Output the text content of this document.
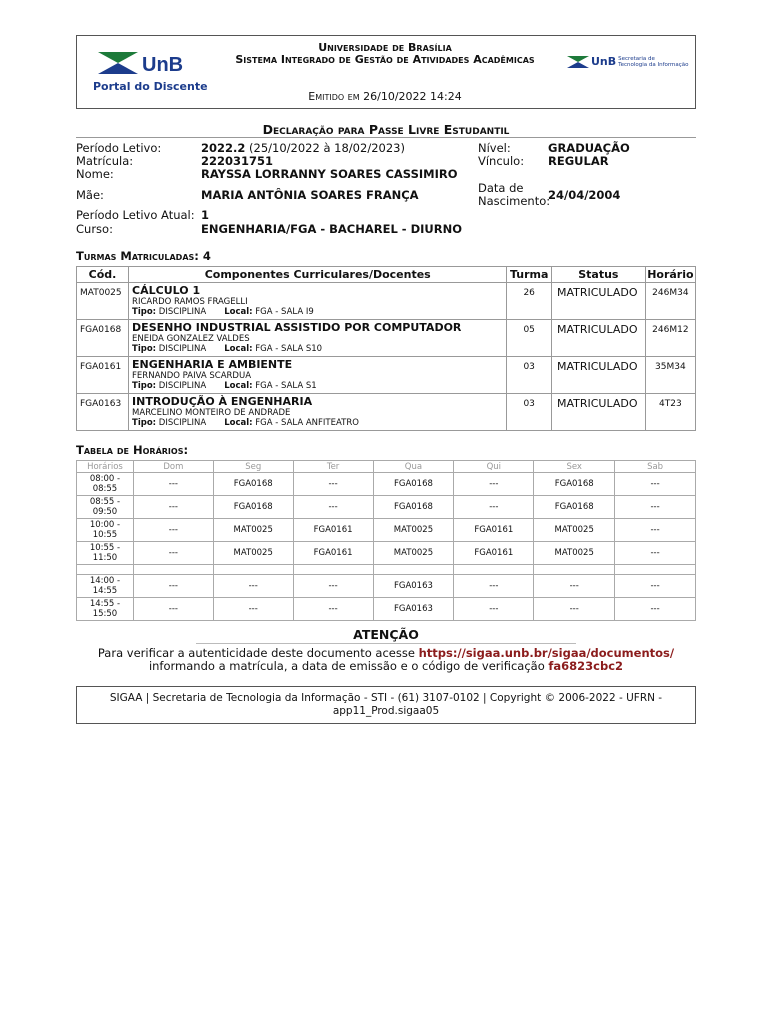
UnB
Portal do Discente
Universidade de Brasília
Sistema Integrado de Gestão de Atividades Acadêmicas
Emitido em 26/10/2022 14:24
UnB Secretaria de
Tecnologia da Informação
Declaração para Passe Livre Estudantil
Período Letivo:	2022.2 (25/10/2022 à 18/02/2023)
Matrícula:	222031751
Nome:	RAYSSA LORRANNY SOARES CASSIMIRO
Mãe:	MARIA ANTÔNIA SOARES FRANÇA
Período Letivo Atual: 1
Curso:	ENGENHARIA/FGA - BACHAREL - DIURNO
Nível:	GRADUAÇÃO
Vínculo: REGULAR
Data de
Nascimento:
24/04/2004
Turmas Matriculadas: 4
Cód.	Componentes Curriculares/Docentes	Turma	Status	Horário
MAT0025	CÁLCULO 1
RICARDO RAMOS FRAGELLI
Tipo: DISCIPLINA Local: FGA - SALA I9	26	MATRICULADO	246M34
FGA0168	DESENHO INDUSTRIAL ASSISTIDO POR COMPUTADOR
ENEIDA GONZALEZ VALDES
Tipo: DISCIPLINA Local: FGA - SALA S10	05	MATRICULADO	246M12
FGA0161	ENGENHARIA E AMBIENTE
FERNANDO PAIVA SCARDUA
Tipo: DISCIPLINA Local: FGA - SALA S1	03	MATRICULADO	35M34
FGA0163	INTRODUÇÃO À ENGENHARIA
MARCELINO MONTEIRO DE ANDRADE
Tipo: DISCIPLINA Local: FGA - SALA ANFITEATRO	03	MATRICULADO	4T23
Tabela de Horários:
Horários	Dom	Seg	Ter	Qua	Qui	Sex	Sab

08:00 -
08:55	---	FGA0168	---	FGA0168	---	FGA0168	---

08:55 -
09:50	---	FGA0168	---	FGA0168	---	FGA0168	---

10:00 -
10:55	---	MAT0025	FGA0161	MAT0025	FGA0161	MAT0025	---

10:55 -
11:50	---	MAT0025	FGA0161	MAT0025	FGA0161	MAT0025	---

14:00 -
14:55	---	---	---	FGA0163	---	---	---

14:55 -
15:50	---	---	---	FGA0163	---	---	---
ATENÇÃO
Para verificar a autenticidade deste documento acesse https://sigaa.unb.br/sigaa/documentos/
informando a matrícula, a data de emissão e o código de verificação fa6823cbc2
SIGAA | Secretaria de Tecnologia da Informação - STI - (61) 3107-0102 | Copyright © 2006-2022 - UFRN -
app11_Prod.sigaa05
